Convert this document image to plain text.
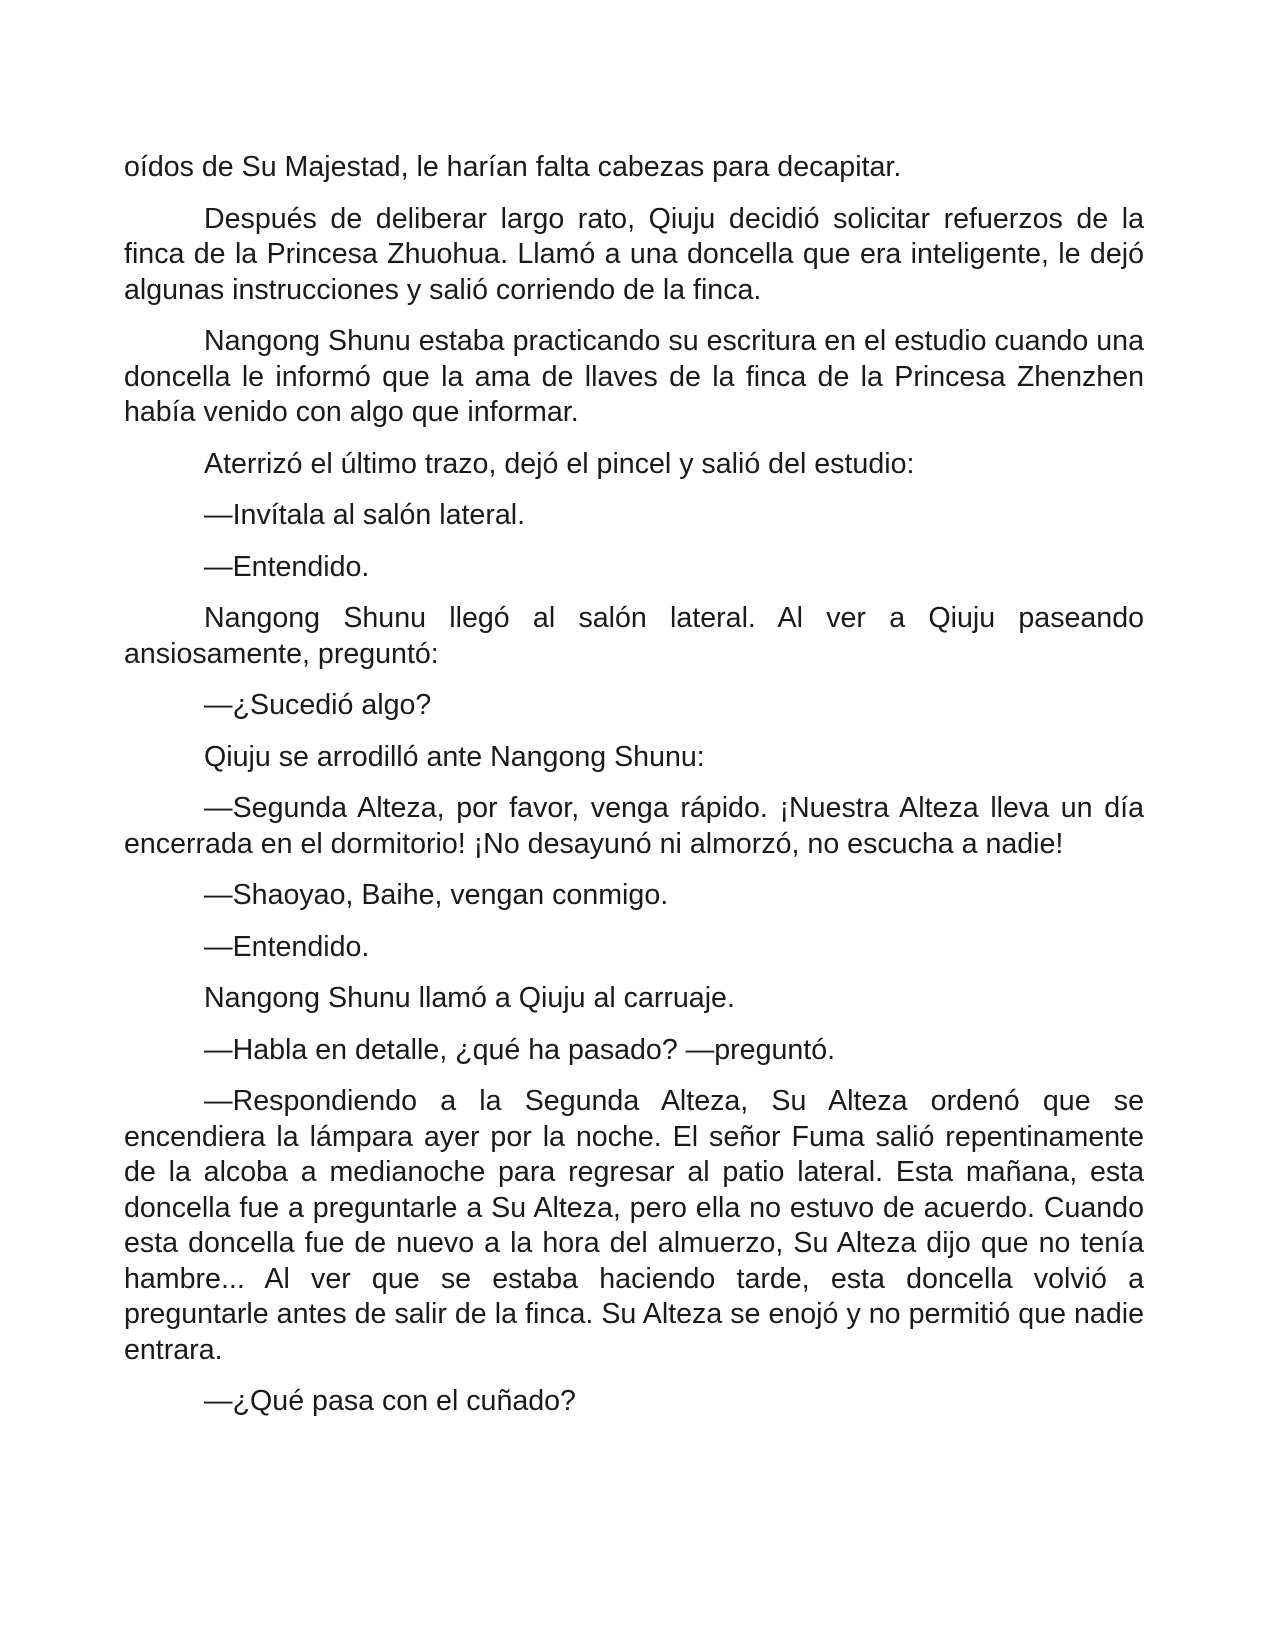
oídos de Su Majestad, le harían falta cabezas para decapitar.

Después de deliberar largo rato, Qiuju decidió solicitar refuerzos de la finca de la Princesa Zhuohua. Llamó a una doncella que era inteligente, le dejó algunas instrucciones y salió corriendo de la finca.

Nangong Shunu estaba practicando su escritura en el estudio cuando una doncella le informó que la ama de llaves de la finca de la Princesa Zhenzhen había venido con algo que informar.

Aterrizó el último trazo, dejó el pincel y salió del estudio:

—Invítala al salón lateral.

—Entendido.

Nangong Shunu llegó al salón lateral. Al ver a Qiuju paseando ansiosamente, preguntó:

—¿Sucedió algo?

Qiuju se arrodilló ante Nangong Shunu:

—Segunda Alteza, por favor, venga rápido. ¡Nuestra Alteza lleva un día encerrada en el dormitorio! ¡No desayunó ni almorzó, no escucha a nadie!

—Shaoyao, Baihe, vengan conmigo.

—Entendido.

Nangong Shunu llamó a Qiuju al carruaje.

—Habla en detalle, ¿qué ha pasado? —preguntó.

—Respondiendo a la Segunda Alteza, Su Alteza ordenó que se encendiera la lámpara ayer por la noche. El señor Fuma salió repentinamente de la alcoba a medianoche para regresar al patio lateral. Esta mañana, esta doncella fue a preguntarle a Su Alteza, pero ella no estuvo de acuerdo. Cuando esta doncella fue de nuevo a la hora del almuerzo, Su Alteza dijo que no tenía hambre... Al ver que se estaba haciendo tarde, esta doncella volvió a preguntarle antes de salir de la finca. Su Alteza se enojó y no permitió que nadie entrara.

—¿Qué pasa con el cuñado?
